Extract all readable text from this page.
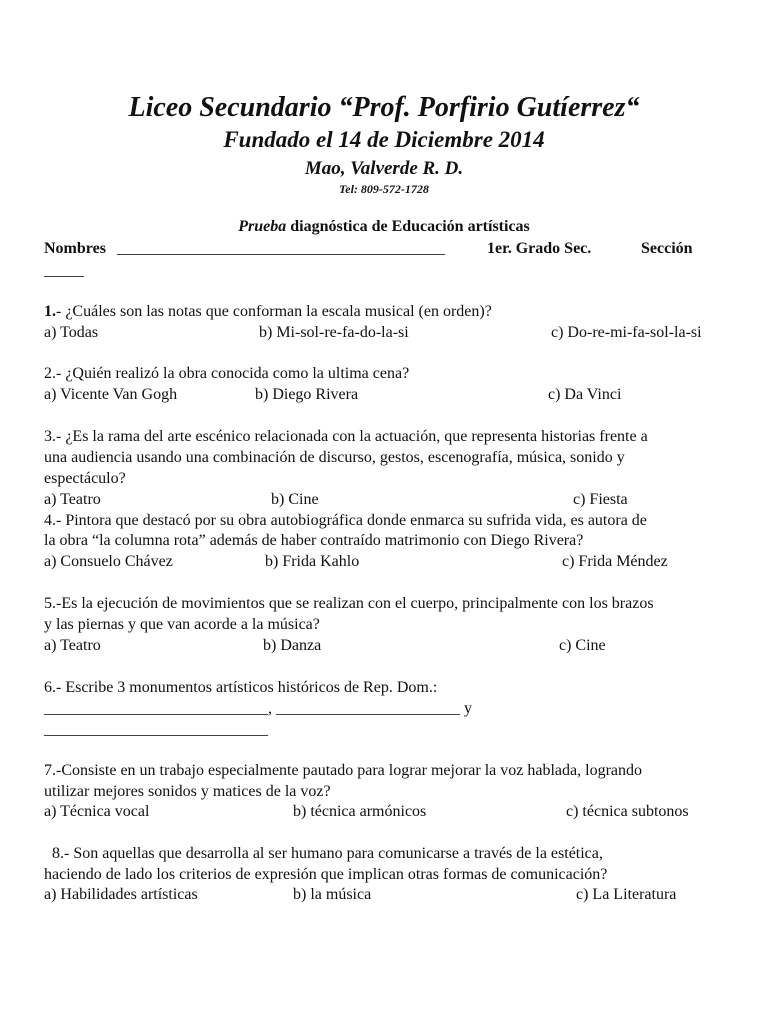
Liceo Secundario “Prof. Porfirio Gutíerrez“
Fundado el 14 de Diciembre 2014
Mao, Valverde R. D.
Tel: 809-572-1728
Prueba diagnóstica de Educación artísticas
Nombres _________________________________________	1er. Grado Sec.	Sección
_____
1.- ¿Cuáles son las notas que conforman la escala musical (en orden)?
a) Todas	b) Mi-sol-re-fa-do-la-si	c) Do-re-mi-fa-sol-la-si
2.- ¿Quién realizó la obra conocida como la ultima cena?
a) Vicente Van Gogh	b) Diego Rivera	c) Da Vinci
3.- ¿Es la rama del arte escénico relacionada con la actuación, que representa historias frente a
una audiencia usando una combinación de discurso, gestos, escenografía, música, sonido y
espectáculo?
a) Teatro	b) Cine	c) Fiesta
4.- Pintora que destacó por su obra autobiográfica donde enmarca su sufrida vida, es autora de
la obra “la columna rota” además de haber contraído matrimonio con Diego Rivera?
a) Consuelo Chávez	b) Frida Kahlo	c) Frida Méndez
5.-Es la ejecución de movimientos que se realizan con el cuerpo, principalmente con los brazos
y las piernas y que van acorde a la música?
a) Teatro	b) Danza	c) Cine
6.- Escribe 3 monumentos artísticos históricos de Rep. Dom.:
____________________________, _______________________ y
____________________________
7.-Consiste en un trabajo especialmente pautado para lograr mejorar la voz hablada, logrando
utilizar mejores sonidos y matices de la voz?
a) Técnica vocal	b) técnica armónicos	c) técnica subtonos
8.- Son aquellas que desarrolla al ser humano para comunicarse a través de la estética,
haciendo de lado los criterios de expresión que implican otras formas de comunicación?
a) Habilidades artísticas	b) la música	c) La Literatura
